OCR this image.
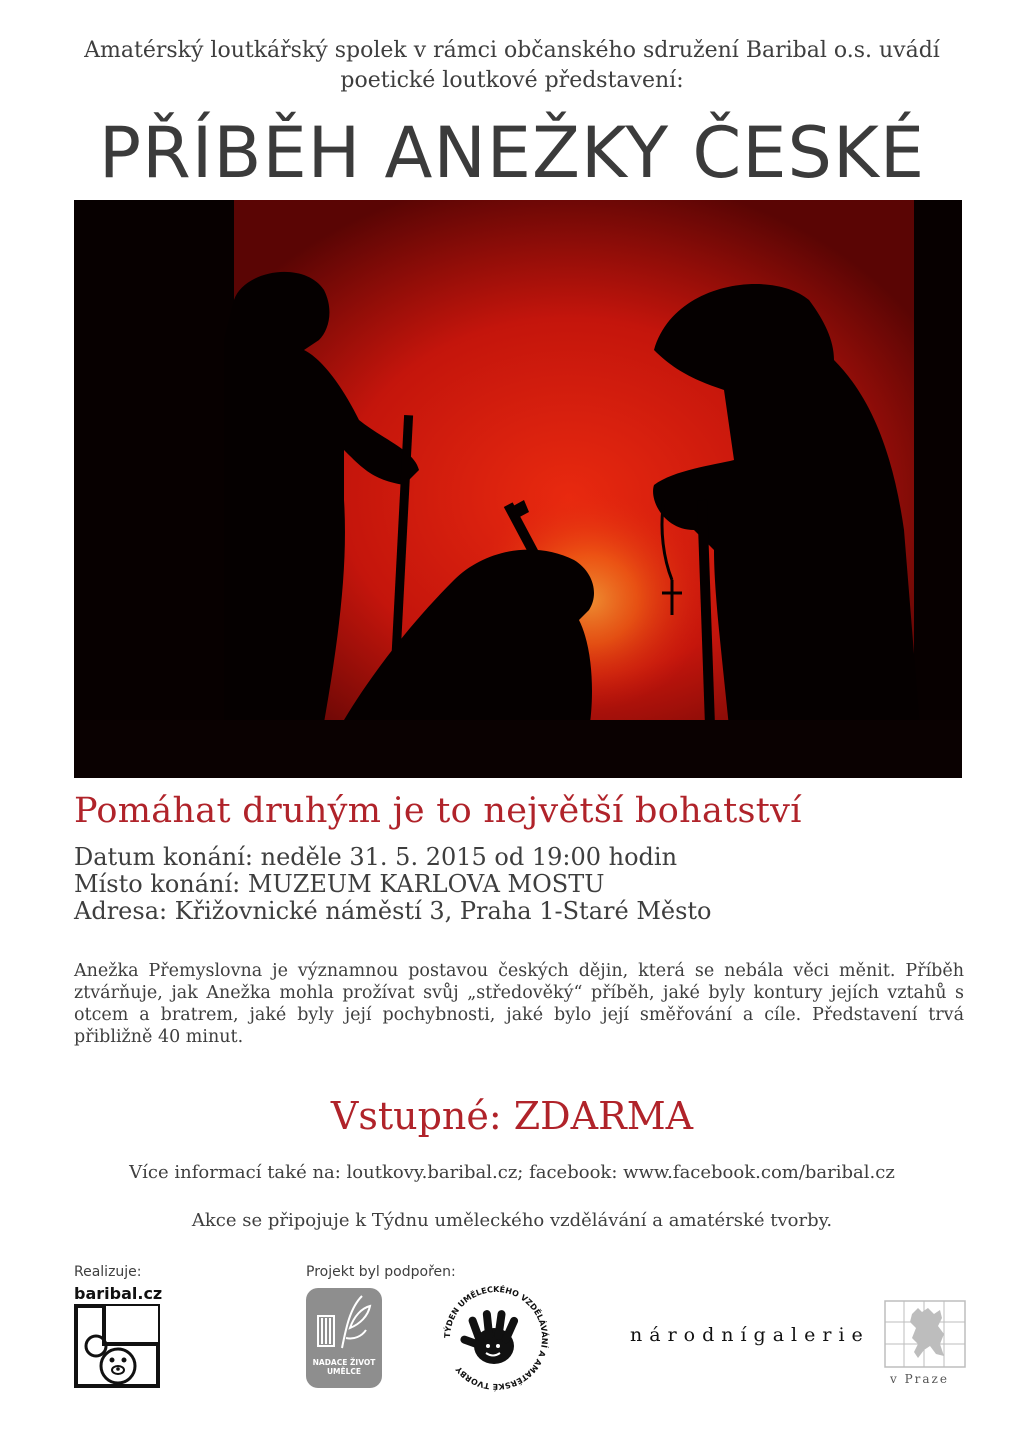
Amatérský loutkářský spolek v rámci občanského sdružení Baribal o.s. uvádí
poetické loutkové představení:
PŘÍBĚH ANEŽKY ČESKÉ
Pomáhat druhým je to největší bohatství
Datum konání: neděle 31. 5. 2015 od 19:00 hodin
Místo konání: MUZEUM KARLOVA MOSTU
Adresa: Křižovnické náměstí 3, Praha 1-Staré Město
Anežka Přemyslovna je významnou postavou českých dějin, která se nebála věci měnit. Příběh ztvárňuje, jak Anežka mohla prožívat svůj „středověký“ příběh, jaké byly kontury jejích vztahů s otcem a bratrem, jaké byly její pochybnosti, jaké bylo její směřování a cíle. Představení trvá přibližně 40 minut.
Vstupné: ZDARMA
Více informací také na: loutkovy.baribal.cz; facebook: www.facebook.com/baribal.cz
Akce se připojuje k Týdnu uměleckého vzdělávání a amatérské tvorby.
Realizuje:
baribal.cz
Projekt byl podpořen:
NADACE ŽIVOT UMĚLCE
TÝDEN UMĚLECKÉHO VZDĚLÁVÁNÍ A AMATÉRSKÉ TVORBY
národnígalerie
v Praze
